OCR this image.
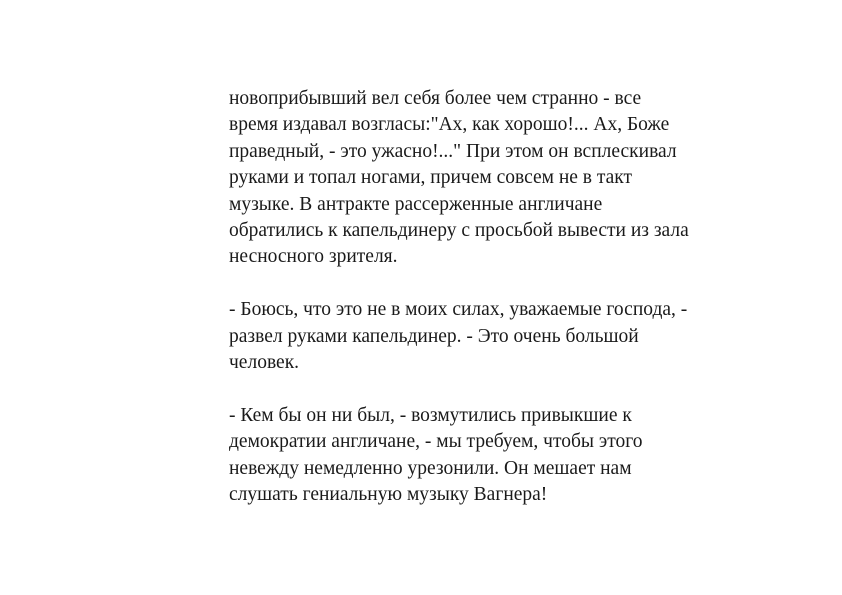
новоприбывший вел себя более чем странно - все
время издавал возгласы:"Ах, как хорошо!... Ах, Боже
праведный, - это ужасно!..." При этом он всплескивал
руками и топал ногами, причем совсем не в такт
музыке. В антракте рассерженные англичане
обратились к капельдинеру с просьбой вывести из зала
несносного зрителя.

- Боюсь, что это не в моих силах, уважаемые господа, -
развел руками капельдинер. - Это очень большой
человек.

- Кем бы он ни был, - возмутились привыкшие к
демократии англичане, - мы требуем, чтобы этого
невежду немедленно урезонили. Он мешает нам
слушать гениальную музыку Вагнера!
